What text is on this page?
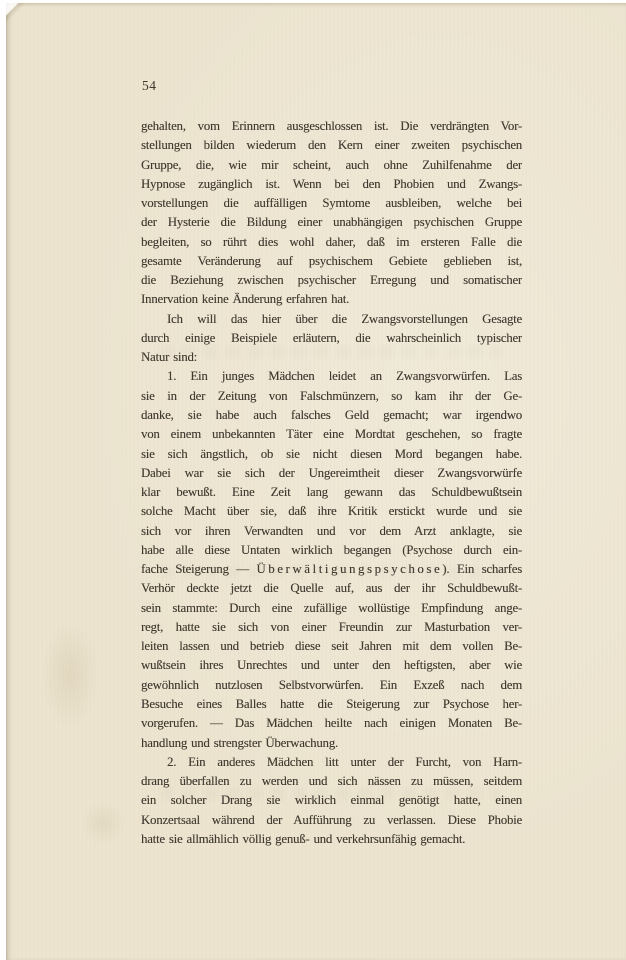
54
gehalten, vom Erinnern ausgeschlossen ist. Die verdrängten Vor-
stellungen bilden wiederum den Kern einer zweiten psychischen
Gruppe, die, wie mir scheint, auch ohne Zuhilfenahme der
Hypnose zugänglich ist. Wenn bei den Phobien und Zwangs-
vorstellungen die auffälligen Symtome ausbleiben, welche bei
der Hysterie die Bildung einer unabhängigen psychischen Gruppe
begleiten, so rührt dies wohl daher, daß im ersteren Falle die
gesamte Veränderung auf psychischem Gebiete geblieben ist,
die Beziehung zwischen psychischer Erregung und somatischer
Innervation keine Änderung erfahren hat.
Ich will das hier über die Zwangsvorstellungen Gesagte
durch einige Beispiele erläutern, die wahrscheinlich typischer
Natur sind:
1. Ein junges Mädchen leidet an Zwangsvorwürfen. Las
sie in der Zeitung von Falschmünzern, so kam ihr der Ge-
danke, sie habe auch falsches Geld gemacht; war irgendwo
von einem unbekannten Täter eine Mordtat geschehen, so fragte
sie sich ängstlich, ob sie nicht diesen Mord begangen habe.
Dabei war sie sich der Ungereimtheit dieser Zwangsvorwürfe
klar bewußt. Eine Zeit lang gewann das Schuldbewußtsein
solche Macht über sie, daß ihre Kritik erstickt wurde und sie
sich vor ihren Verwandten und vor dem Arzt anklagte, sie
habe alle diese Untaten wirklich begangen (Psychose durch ein-
fache Steigerung — Überwältigungspsychose). Ein scharfes
Verhör deckte jetzt die Quelle auf, aus der ihr Schuldbewußt-
sein stammte: Durch eine zufällige wollüstige Empfindung ange-
regt, hatte sie sich von einer Freundin zur Masturbation ver-
leiten lassen und betrieb diese seit Jahren mit dem vollen Be-
wußtsein ihres Unrechtes und unter den heftigsten, aber wie
gewöhnlich nutzlosen Selbstvorwürfen. Ein Exzeß nach dem
Besuche eines Balles hatte die Steigerung zur Psychose her-
vorgerufen. — Das Mädchen heilte nach einigen Monaten Be-
handlung und strengster Überwachung.
2. Ein anderes Mädchen litt unter der Furcht, von Harn-
drang überfallen zu werden und sich nässen zu müssen, seitdem
ein solcher Drang sie wirklich einmal genötigt hatte, einen
Konzertsaal während der Aufführung zu verlassen. Diese Phobie
hatte sie allmählich völlig genuß- und verkehrsunfähig gemacht.
